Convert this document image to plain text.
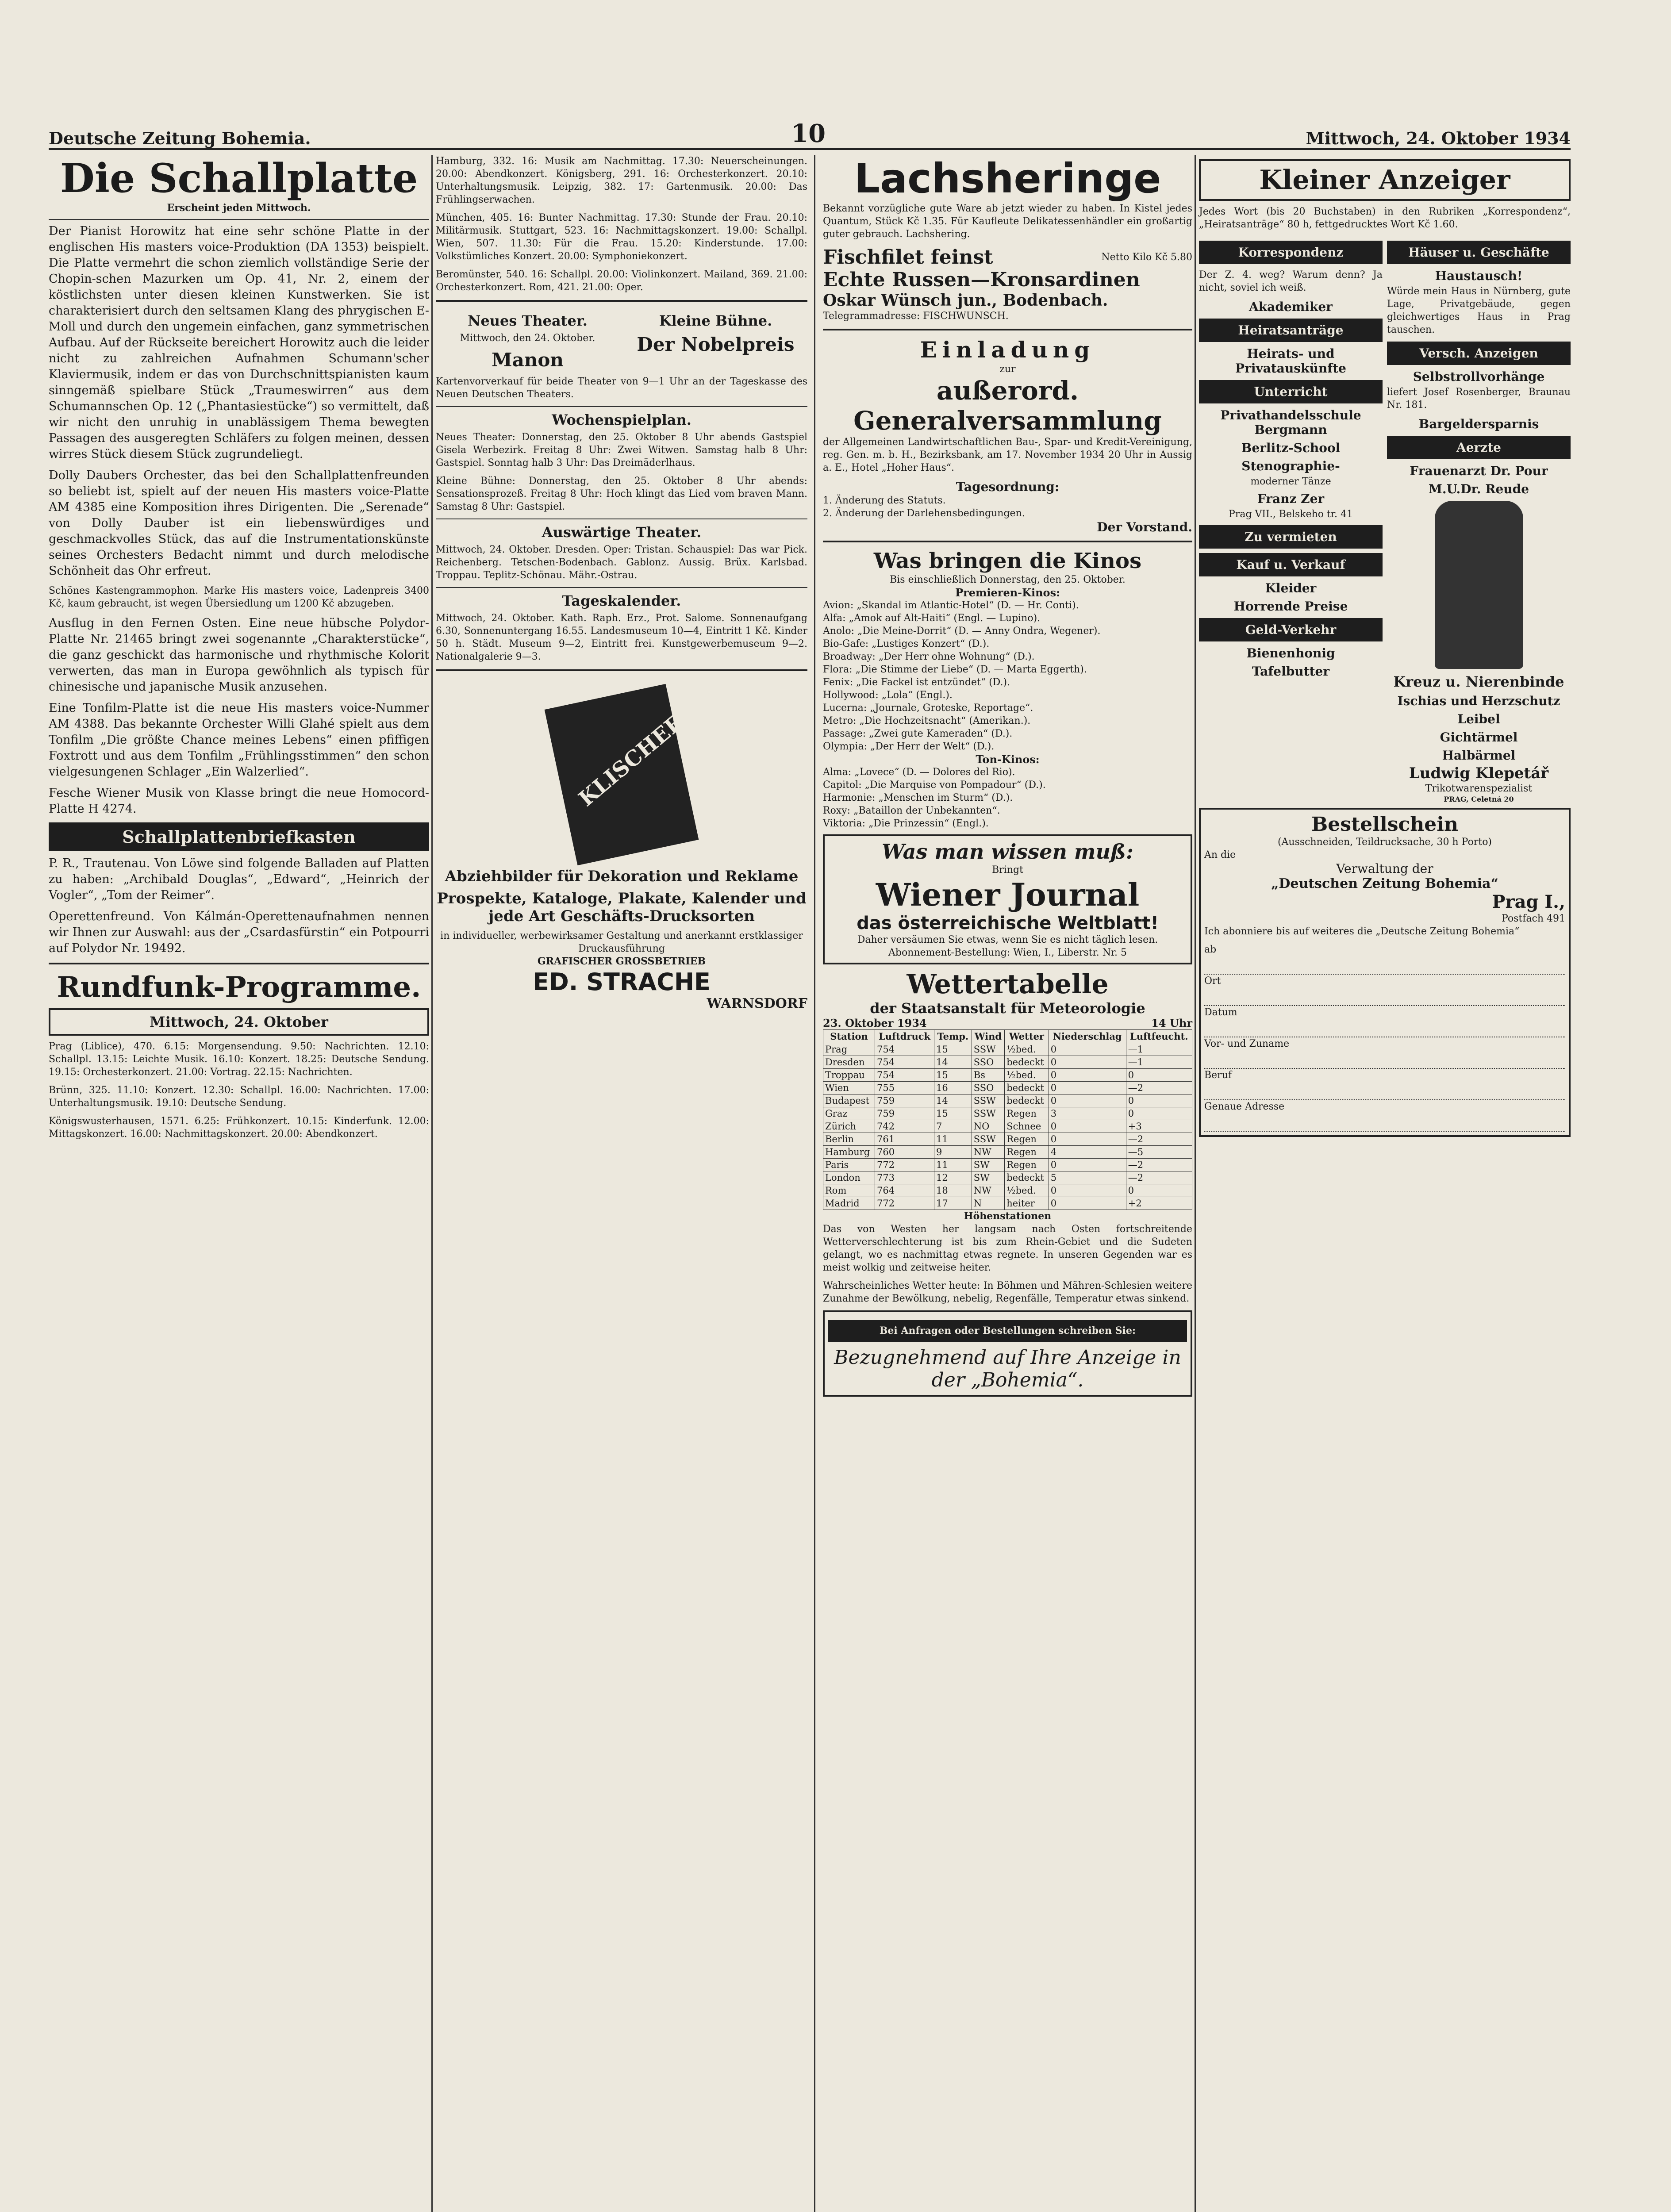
Deutsche Zeitung Bohemia.	10	Mittwoch, 24. Oktober 1934
Die Schallplatte
Erscheint jeden Mittwoch.

Der Pianist Horowitz hat eine sehr schöne Platte in der englischen His masters voice-Produktion (DA 1353) beispielt. Die Platte vermehrt die schon ziemlich vollständige Serie der Chopin-schen Mazurken um Op. 41, Nr. 2, einem der köstlichsten unter diesen kleinen Kunstwerken. Sie ist charakterisiert durch den seltsamen Klang des phrygischen E-Moll und durch den ungemein einfachen, ganz symmetrischen Aufbau. Auf der Rückseite bereichert Horowitz auch die leider nicht zu zahlreichen Aufnahmen Schumann'scher Klaviermusik, indem er das von Durchschnittspianisten kaum sinngemäß spielbare Stück „Traumeswirren“ aus dem Schumannschen Op. 12 („Phantasiestücke“) so vermittelt, daß wir nicht den unruhig in unablässigem Thema bewegten Passagen des ausgeregten Schläfers zu folgen meinen, dessen wirres Stück diesem Stück zugrundeliegt.

Dolly Daubers Orchester, das bei den Schallplattenfreunden so beliebt ist, spielt auf der neuen His masters voice-Platte AM 4385 eine Komposition ihres Dirigenten. Die „Serenade“ von Dolly Dauber ist ein liebenswürdiges und geschmackvolles Stück, das auf die Instrumentationskünste seines Orchesters Bedacht nimmt und durch melodische Schönheit das Ohr erfreut.

Schönes Kastengrammophon. Marke His masters voice, Ladenpreis 3400 Kč, kaum gebraucht, ist wegen Übersiedlung um 1200 Kč abzugeben.

Ausflug in den Fernen Osten. Eine neue hübsche Polydor-Platte Nr. 21465 bringt zwei sogenannte „Charakterstücke“, die ganz geschickt das harmonische und rhythmische Kolorit verwerten, das man in Europa gewöhnlich als typisch für chinesische und japanische Musik anzusehen.

Eine Tonfilm-Platte ist die neue His masters voice-Nummer AM 4388. Das bekannte Orchester Willi Glahé spielt aus dem Tonfilm „Die größte Chance meines Lebens“ einen pfiffigen Foxtrott und aus dem Tonfilm „Frühlingsstimmen“ den schon vielgesungenen Schlager „Ein Walzerlied“.

Fesche Wiener Musik von Klasse bringt die neue Homocord-Platte H 4274.

Schallplattenbriefkasten

P. R., Trautenau. Von Löwe sind folgende Balladen auf Platten zu haben: „Archibald Douglas“, „Edward“, „Heinrich der Vogler“, „Tom der Reimer“.

Operettenfreund. Von Kálmán-Operettenaufnahmen nennen wir Ihnen zur Auswahl: aus der „Csardasfürstin“ ein Potpourri auf Polydor Nr. 19492.

Rundfunk-Programme.
Mittwoch, 24. Oktober

Prag (Liblice), 470. 6.15: Morgensendung. 9.50: Nachrichten. 12.10: Schallpl. 13.15: Leichte Musik. 16.10: Konzert. 18.25: Deutsche Sendung. 19.15: Orchesterkonzert. 21.00: Vortrag. 22.15: Nachrichten.

Brünn, 325. 11.10: Konzert. 12.30: Schallpl. 16.00: Nachrichten. 17.00: Unterhaltungsmusik. 19.10: Deutsche Sendung.

Königswusterhausen, 1571. 6.25: Frühkonzert. 10.15: Kinderfunk. 12.00: Mittagskonzert. 16.00: Nachmittagskonzert. 20.00: Abendkonzert.

Hamburg, 332. 16: Musik am Nachmittag. 17.30: Neuerscheinungen. 20.00: Abendkonzert. Königsberg, 291. 16: Orchesterkonzert. 20.10: Unterhaltungsmusik. Leipzig, 382. 17: Gartenmusik. 20.00: Das Frühlingserwachen.

München, 405. 16: Bunter Nachmittag. 17.30: Stunde der Frau. 20.10: Militärmusik. Stuttgart, 523. 16: Nachmittagskonzert. 19.00: Schallpl. Wien, 507. 11.30: Für die Frau. 15.20: Kinderstunde. 17.00: Volkstümliches Konzert. 20.00: Symphoniekonzert.

Beromünster, 540. 16: Schallpl. 20.00: Violinkonzert. Mailand, 369. 21.00: Orchesterkonzert. Rom, 421. 21.00: Oper.

Neues Theater.
Mittwoch, den 24. Oktober.
Manon
Kleine Bühne.
Der Nobelpreis

Kartenvorverkauf für beide Theater von 9—1 Uhr an der Tageskasse des Neuen Deutschen Theaters.

Wochenspielplan.

Neues Theater: Donnerstag, den 25. Oktober 8 Uhr abends Gastspiel Gisela Werbezirk. Freitag 8 Uhr: Zwei Witwen. Samstag halb 8 Uhr: Gastspiel. Sonntag halb 3 Uhr: Das Dreimäderlhaus.

Kleine Bühne: Donnerstag, den 25. Oktober 8 Uhr abends: Sensationsprozeß. Freitag 8 Uhr: Hoch klingt das Lied vom braven Mann. Samstag 8 Uhr: Gastspiel.

Auswärtige Theater.

Mittwoch, 24. Oktober. Dresden. Oper: Tristan. Schauspiel: Das war Pick. Reichenberg. Tetschen-Bodenbach. Gablonz. Aussig. Brüx. Karlsbad. Troppau. Teplitz-Schönau. Mähr.-Ostrau.

Tageskalender.

Mittwoch, 24. Oktober. Kath. Raph. Erz., Prot. Salome. Sonnenaufgang 6.30, Sonnenuntergang 16.55. Landesmuseum 10—4, Eintritt 1 Kč. Kinder 50 h. Städt. Museum 9—2, Eintritt frei. Kunstgewerbemuseum 9—2. Nationalgalerie 9—3.

KLISCHEES
Abziehbilder für Dekoration und Reklame
Prospekte, Kataloge, Plakate, Kalender und jede Art Geschäfts-Drucksorten
in individueller, werbewirksamer Gestaltung und anerkannt erstklassiger Druckausführung
GRAFISCHER GROSSBETRIEB
ED. STRACHE
WARNSDORF
Lachsheringe

Bekannt vorzügliche gute Ware ab jetzt wieder zu haben. In Kistel jedes Quantum, Stück Kč 1.35. Für Kaufleute Delikatessenhändler ein großartig guter gebrauch. Lachshering.

Fischfilet feinst	Netto Kilo Kč 5.80
Echte Russen—Kronsardinen
Oskar Wünsch jun., Bodenbach.
Telegrammadresse: FISCHWUNSCH.
Einladung
zur
außerord. Generalversammlung

der Allgemeinen Landwirtschaftlichen Bau-, Spar- und Kredit-Vereinigung, reg. Gen. m. b. H., Bezirksbank, am 17. November 1934 20 Uhr in Aussig a. E., Hotel „Hoher Haus“.

Tagesordnung:
1. Änderung des Statuts.
2. Änderung der Darlehensbedingungen.
Der Vorstand.
Was bringen die Kinos
Bis einschließlich Donnerstag, den 25. Oktober.
Premieren-Kinos:
Avion: „Skandal im Atlantic-Hotel“ (D. — Hr. Conti).
Alfa: „Amok auf Alt-Haiti“ (Engl. — Lupino).
Anolo: „Die Meine-Dorrit“ (D. — Anny Ondra, Wegener).
Bio-Gafe: „Lustiges Konzert“ (D.).
Broadway: „Der Herr ohne Wohnung“ (D.).
Flora: „Die Stimme der Liebe“ (D. — Marta Eggerth).
Fenix: „Die Fackel ist entzündet“ (D.).
Hollywood: „Lola“ (Engl.).
Lucerna: „Journale, Groteske, Reportage“.
Metro: „Die Hochzeitsnacht“ (Amerikan.).
Passage: „Zwei gute Kameraden“ (D.).
Olympia: „Der Herr der Welt“ (D.).
Ton-Kinos:
Alma: „Lovece“ (D. — Dolores del Rio).
Capitol: „Die Marquise von Pompadour“ (D.).
Harmonie: „Menschen im Sturm“ (D.).
Roxy: „Bataillon der Unbekannten“.
Viktoria: „Die Prinzessin“ (Engl.).
Was man wissen muß:
Bringt
Wiener Journal
das österreichische Weltblatt!
Daher versäumen Sie etwas, wenn Sie es nicht täglich lesen.
Abonnement-Bestellung: Wien, I., Liberstr. Nr. 5
Wettertabelle
der Staatsanstalt für Meteorologie
23. Oktober 1934	14 Uhr
Station	Luftdruck	Temp.	Wind	Wetter	Niederschlag	Luftfeucht.
Prag	754	15	SSW	½bed.	0	—1
Dresden	754	14	SSO	bedeckt	0	—1
Troppau	754	15	Bs	½bed.	0	0
Wien	755	16	SSO	bedeckt	0	—2
Budapest	759	14	SSW	bedeckt	0	0
Graz	759	15	SSW	Regen	3	0
Zürich	742	7	NO	Schnee	0	+3
Berlin	761	11	SSW	Regen	0	—2
Hamburg	760	9	NW	Regen	4	—5
Paris	772	11	SW	Regen	0	—2
London	773	12	SW	bedeckt	5	—2
Rom	764	18	NW	½bed.	0	0
Madrid	772	17	N	heiter	0	+2
Höhenstationen

Das von Westen her langsam nach Osten fortschreitende Wetterverschlechterung ist bis zum Rhein-Gebiet und die Sudeten gelangt, wo es nachmittag etwas regnete. In unseren Gegenden war es meist wolkig und zeitweise heiter.

Wahrscheinliches Wetter heute: In Böhmen und Mähren-Schlesien weitere Zunahme der Bewölkung, nebelig, Regenfälle, Temperatur etwas sinkend.

Bei Anfragen oder Bestellungen schreiben Sie:
Bezugnehmend auf Ihre Anzeige in der „Bohemia“.
Kleiner Anzeiger

Jedes Wort (bis 20 Buchstaben) in den Rubriken „Korrespondenz“, „Heiratsanträge“ 80 h, fettgedrucktes Wort Kč 1.60.

Korrespondenz

Der Z. 4. weg? Warum denn? Ja nicht, soviel ich weiß.

Akademiker
Heiratsanträge
Heirats- und Privatauskünfte
Unterricht
Privathandelsschule Bergmann
Berlitz-School
Stenographie-
moderner Tänze
Franz Zer
Prag VII., Belskeho tr. 41
Zu vermieten
Kauf u. Verkauf
Kleider
Horrende Preise
Geld-Verkehr
Bienenhonig
Tafelbutter
Häuser u. Geschäfte
Haustausch!

Würde mein Haus in Nürnberg, gute Lage, Privatgebäude, gegen gleichwertiges Haus in Prag tauschen.

Versch. Anzeigen
Selbstrollvorhänge

liefert Josef Rosenberger, Braunau Nr. 181.

Bargeldersparnis
Aerzte
Frauenarzt Dr. Pour
M.U.Dr. Reude
Kreuz u. Nierenbinde
Ischias und Herzschutz
Leibel
Gichtärmel
Halbärmel
Ludwig Klepetář
Trikotwarenspezialist
PRAG, Celetná 20
Bestellschein
(Ausschneiden, Teildrucksache, 30 h Porto)
An die
Verwaltung der
„Deutschen Zeitung Bohemia“
Prag I.,
Postfach 491

Ich abonniere bis auf weiteres die „Deutsche Zeitung Bohemia“

ab
Ort
Datum
Vor- und Zuname
Beruf
Genaue Adresse
